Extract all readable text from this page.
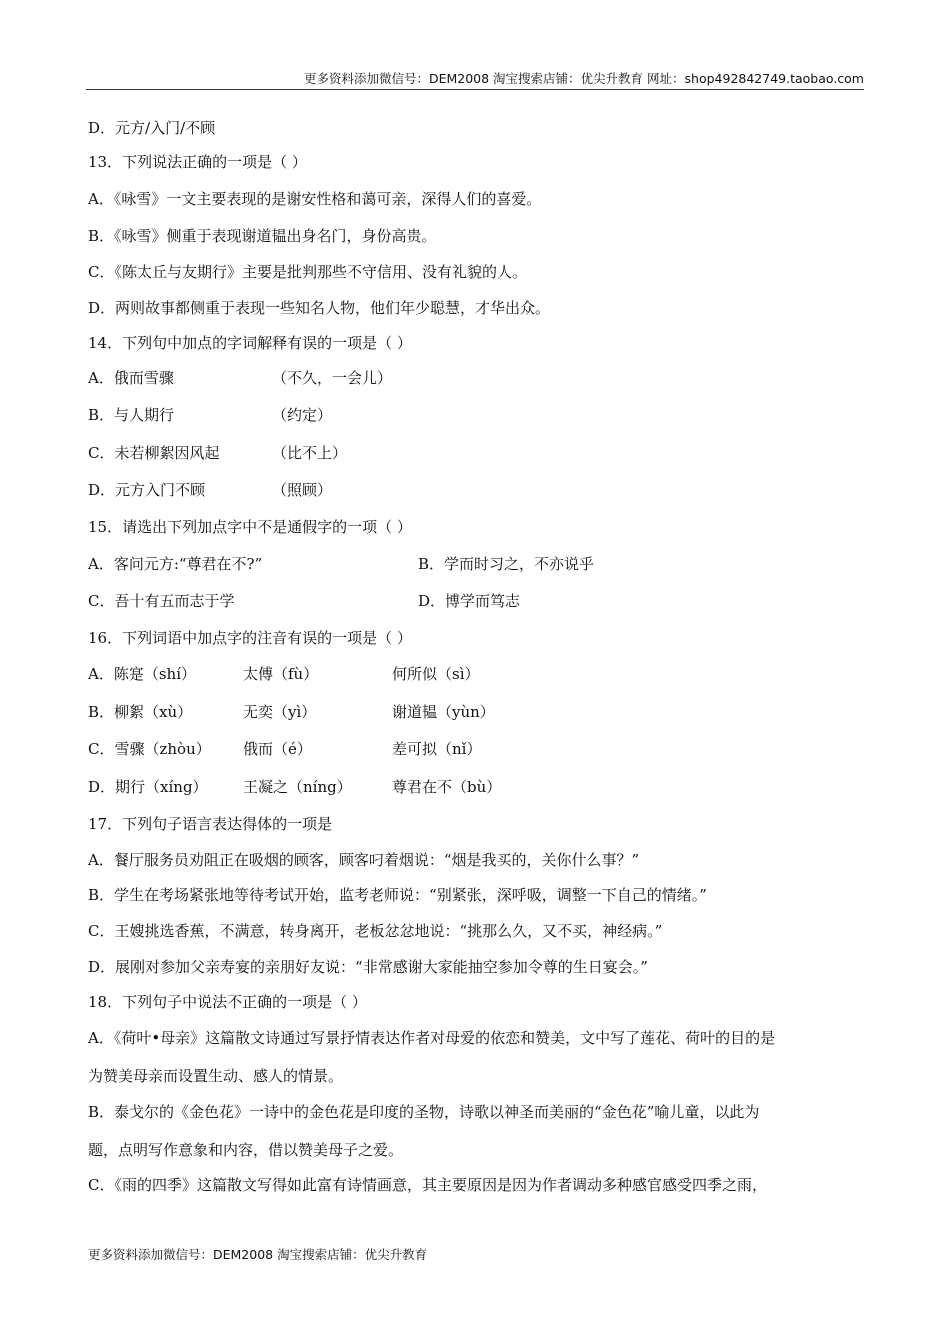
更多资料添加微信号：DEM2008 淘宝搜索店铺：优尖升教育 网址：shop492842749.taobao.com
D．元方/入门/不顾
13．下列说法正确的一项是（ ）
A．《咏雪》一文主要表现的是谢安性格和蔼可亲，深得人们的喜爱。
B．《咏雪》侧重于表现谢道韫出身名门，身份高贵。
C．《陈太丘与友期行》主要是批判那些不守信用、没有礼貌的人。
D．两则故事都侧重于表现一些知名人物，他们年少聪慧，才华出众。
14．下列句中加点的字词解释有误的一项是（ ）
A．俄而雪骤	（不久，一会儿）
B．与人期行	（约定）
C．未若柳絮因风起	（比不上）
D．元方入门不顾	（照顾）
15．请选出下列加点字中不是通假字的一项（ ）
A．客问元方:“尊君在不?”	B．学而时习之，不亦说乎
C．吾十有五而志于学	D．博学而笃志
16．下列词语中加点字的注音有误的一项是（ ）
A．陈寔（shí）	太傅（fù）	何所似（sì）
B．柳絮（xù）	无奕（yì）	谢道韫（yùn）
C．雪骤（zhòu） 俄而（é）	差可拟（nǐ）
D．期行（xíng） 王凝之（níng）	尊君在不（bù）
17．下列句子语言表达得体的一项是
A．餐厅服务员劝阻正在吸烟的顾客，顾客叼着烟说：“烟是我买的，关你什么事？”
B．学生在考场紧张地等待考试开始，监考老师说：“别紧张，深呼吸，调整一下自己的情绪。”
C．王嫂挑选香蕉，不满意，转身离开，老板忿忿地说：“挑那么久，又不买，神经病。”
D．展刚对参加父亲寿宴的亲朋好友说：“非常感谢大家能抽空参加令尊的生日宴会。”
18．下列句子中说法不正确的一项是（ ）
A．《荷叶•母亲》这篇散文诗通过写景抒情表达作者对母爱的依恋和赞美，文中写了莲花、荷叶的目的是
为赞美母亲而设置生动、感人的情景。
B．泰戈尔的《金色花》一诗中的金色花是印度的圣物，诗歌以神圣而美丽的“金色花”喻儿童，以此为
题，点明写作意象和内容，借以赞美母子之爱。
C．《雨的四季》这篇散文写得如此富有诗情画意，其主要原因是因为作者调动多种感官感受四季之雨，
更多资料添加微信号：DEM2008 淘宝搜索店铺：优尖升教育
